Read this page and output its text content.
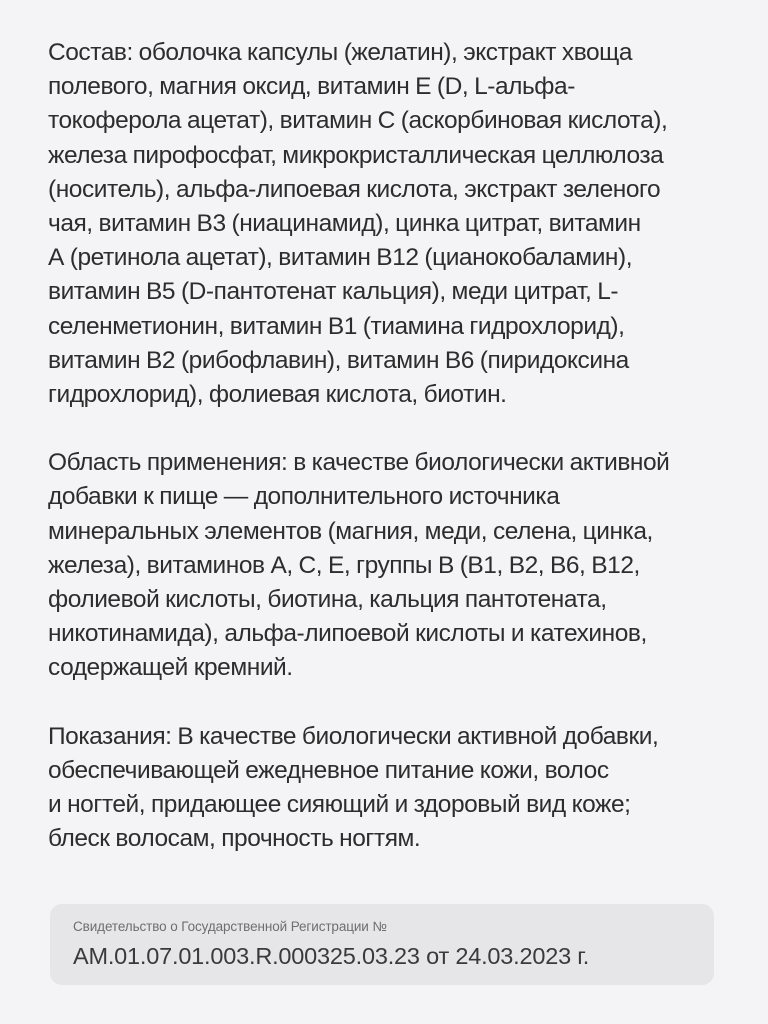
Состав: оболочка капсулы (желатин), экстракт хвоща
полевого, магния оксид, витамин Е (D, L-альфа-
токоферола ацетат), витамин С (аскорбиновая кислота),
железа пирофосфат, микрокристаллическая целлюлоза
(носитель), альфа-липоевая кислота, экстракт зеленого
чая, витамин В3 (ниацинамид), цинка цитрат, витамин
А (ретинола ацетат), витамин В12 (цианокобаламин),
витамин В5 (D-пантотенат кальция), меди цитрат, L-
селенметионин, витамин В1 (тиамина гидрохлорид),
витамин В2 (рибофлавин), витамин В6 (пиридоксина
гидрохлорид), фолиевая кислота, биотин.

Область применения: в качестве биологически активной
добавки к пище — дополнительного источника
минеральных элементов (магния, меди, селена, цинка,
железа), витаминов А, С, Е, группы В (В1, В2, В6, В12,
фолиевой кислоты, биотина, кальция пантотената,
никотинамида), альфа-липоевой кислоты и катехинов,
содержащей кремний.

Показания: В качестве биологически активной добавки,
обеспечивающей ежедневное питание кожи, волос
и ногтей, придающее сияющий и здоровый вид коже;
блеск волосам, прочность ногтям.

Свидетельство о Государственной Регистрации №
АМ.01.07.01.003.R.000325.03.23 от 24.03.2023 г.
